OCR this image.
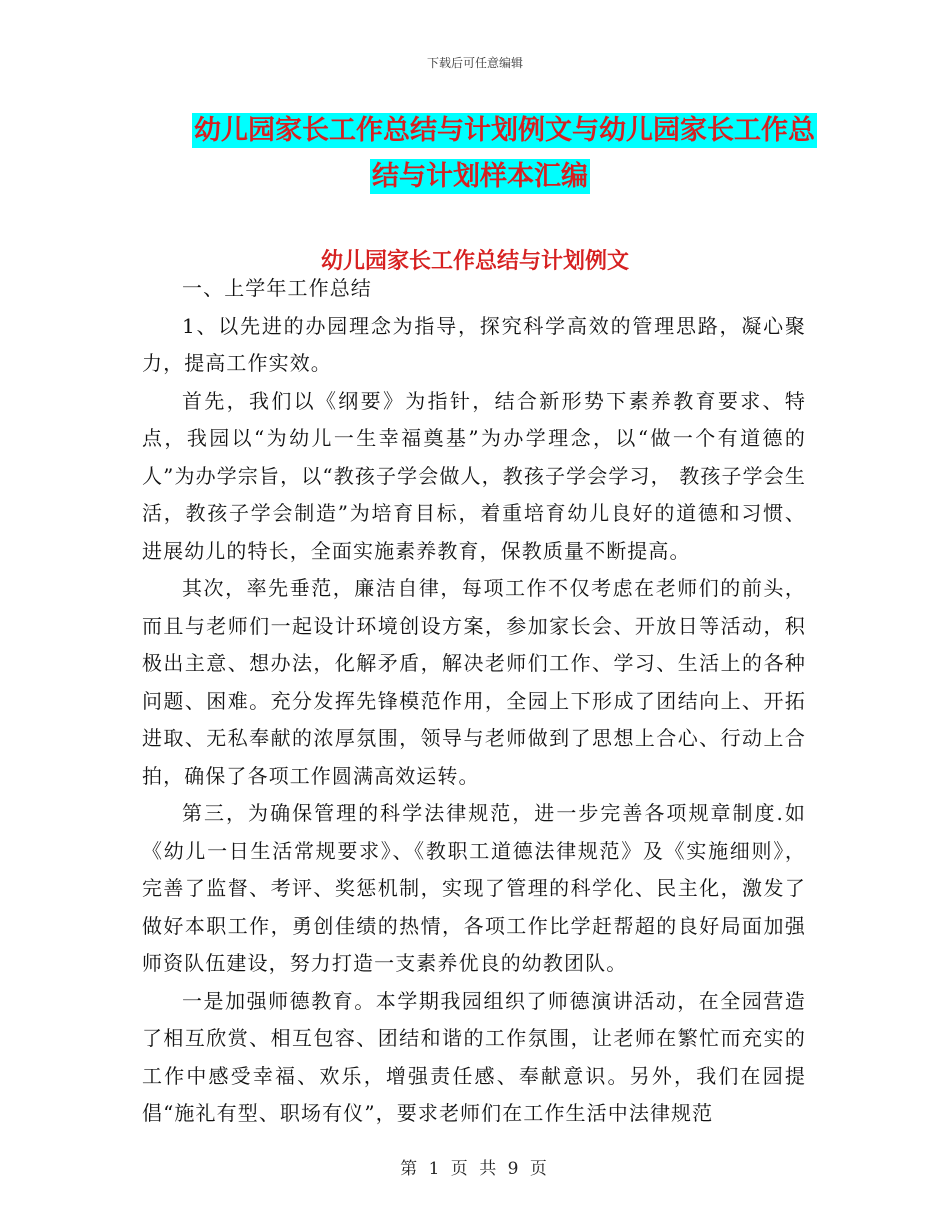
下载后可任意编辑
幼儿园家长工作总结与计划例文与幼儿园家长工作总
结与计划样本汇编
幼儿园家长工作总结与计划例文

一、上学年工作总结

1、以先进的办园理念为指导，探究科学高效的管理思路，凝心聚力，提高工作实效。

首先，我们以《纲要》为指针，结合新形势下素养教育要求、特点，我园以“为幼儿一生幸福奠基”为办学理念，以“做一个有道德的人”为办学宗旨，以“教孩子学会做人，教孩子学会学习， 教孩子学会生活，教孩子学会制造”为培育目标，着重培育幼儿良好的道德和习惯、进展幼儿的特长，全面实施素养教育，保教质量不断提高。

其次，率先垂范，廉洁自律，每项工作不仅考虑在老师们的前头，而且与老师们一起设计环境创设方案，参加家长会、开放日等活动，积极出主意、想办法，化解矛盾，解决老师们工作、学习、生活上的各种问题、困难。充分发挥先锋模范作用，全园上下形成了团结向上、开拓进取、无私奉献的浓厚氛围，领导与老师做到了思想上合心、行动上合拍，确保了各项工作圆满高效运转。

第三，为确保管理的科学法律规范，进一步完善各项规章制度.如《幼儿一日生活常规要求》、《教职工道德法律规范》及《实施细则》，完善了监督、考评、奖惩机制，实现了管理的科学化、民主化，激发了做好本职工作，勇创佳绩的热情，各项工作比学赶帮超的良好局面加强师资队伍建设，努力打造一支素养优良的幼教团队。

一是加强师德教育。本学期我园组织了师德演讲活动，在全园营造了相互欣赏、相互包容、团结和谐的工作氛围，让老师在繁忙而充实的工作中感受幸福、欢乐，增强责任感、奉献意识。另外，我们在园提倡“施礼有型、职场有仪”，要求老师们在工作生活中法律规范

第 1 页 共 9 页
